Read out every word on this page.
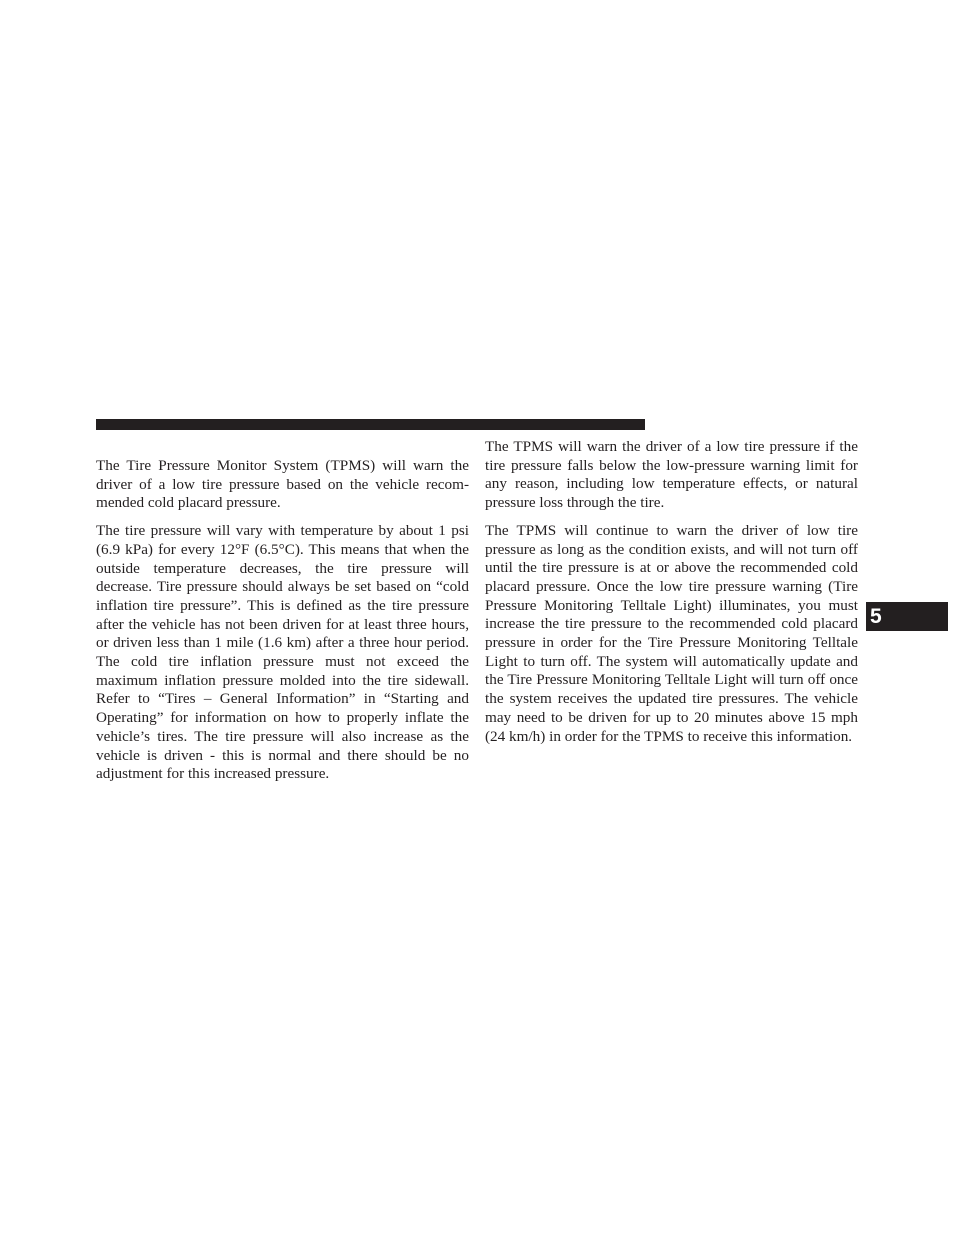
The Tire Pressure Monitor System (TPMS) will warn the driver of a low tire pressure based on the vehicle recommended cold placard pressure.

The tire pressure will vary with temperature by about 1 psi (6.9 kPa) for every 12°F (6.5°C). This means that when the outside temperature decreases, the tire pressure will decrease. Tire pressure should always be set based on “cold inflation tire pressure”. This is defined as the tire pressure after the vehicle has not been driven for at least three hours, or driven less than 1 mile (1.6 km) after a three hour period. The cold tire inflation pressure must not exceed the maximum inflation pressure molded into the tire sidewall. Refer to “Tires – General Information” in “Starting and Operating” for information on how to properly inflate the vehicle’s tires. The tire pressure will also increase as the vehicle is driven - this is normal and there should be no adjustment for this increased pressure.

The TPMS will warn the driver of a low tire pressure if the tire pressure falls below the low-pressure warning limit for any reason, including low temperature effects, or natural pressure loss through the tire.

The TPMS will continue to warn the driver of low tire pressure as long as the condition exists, and will not turn off until the tire pressure is at or above the recommended cold placard pressure. Once the low tire pressure warning (Tire Pressure Monitoring Telltale Light) illuminates, you must increase the tire pressure to the recommended cold placard pressure in order for the Tire Pressure Monitoring Telltale Light to turn off. The system will automatically update and the Tire Pressure Monitoring Telltale Light will turn off once the system receives the updated tire pressures. The vehicle may need to be driven for up to 20 minutes above 15 mph (24 km/h) in order for the TPMS to receive this information.

5
